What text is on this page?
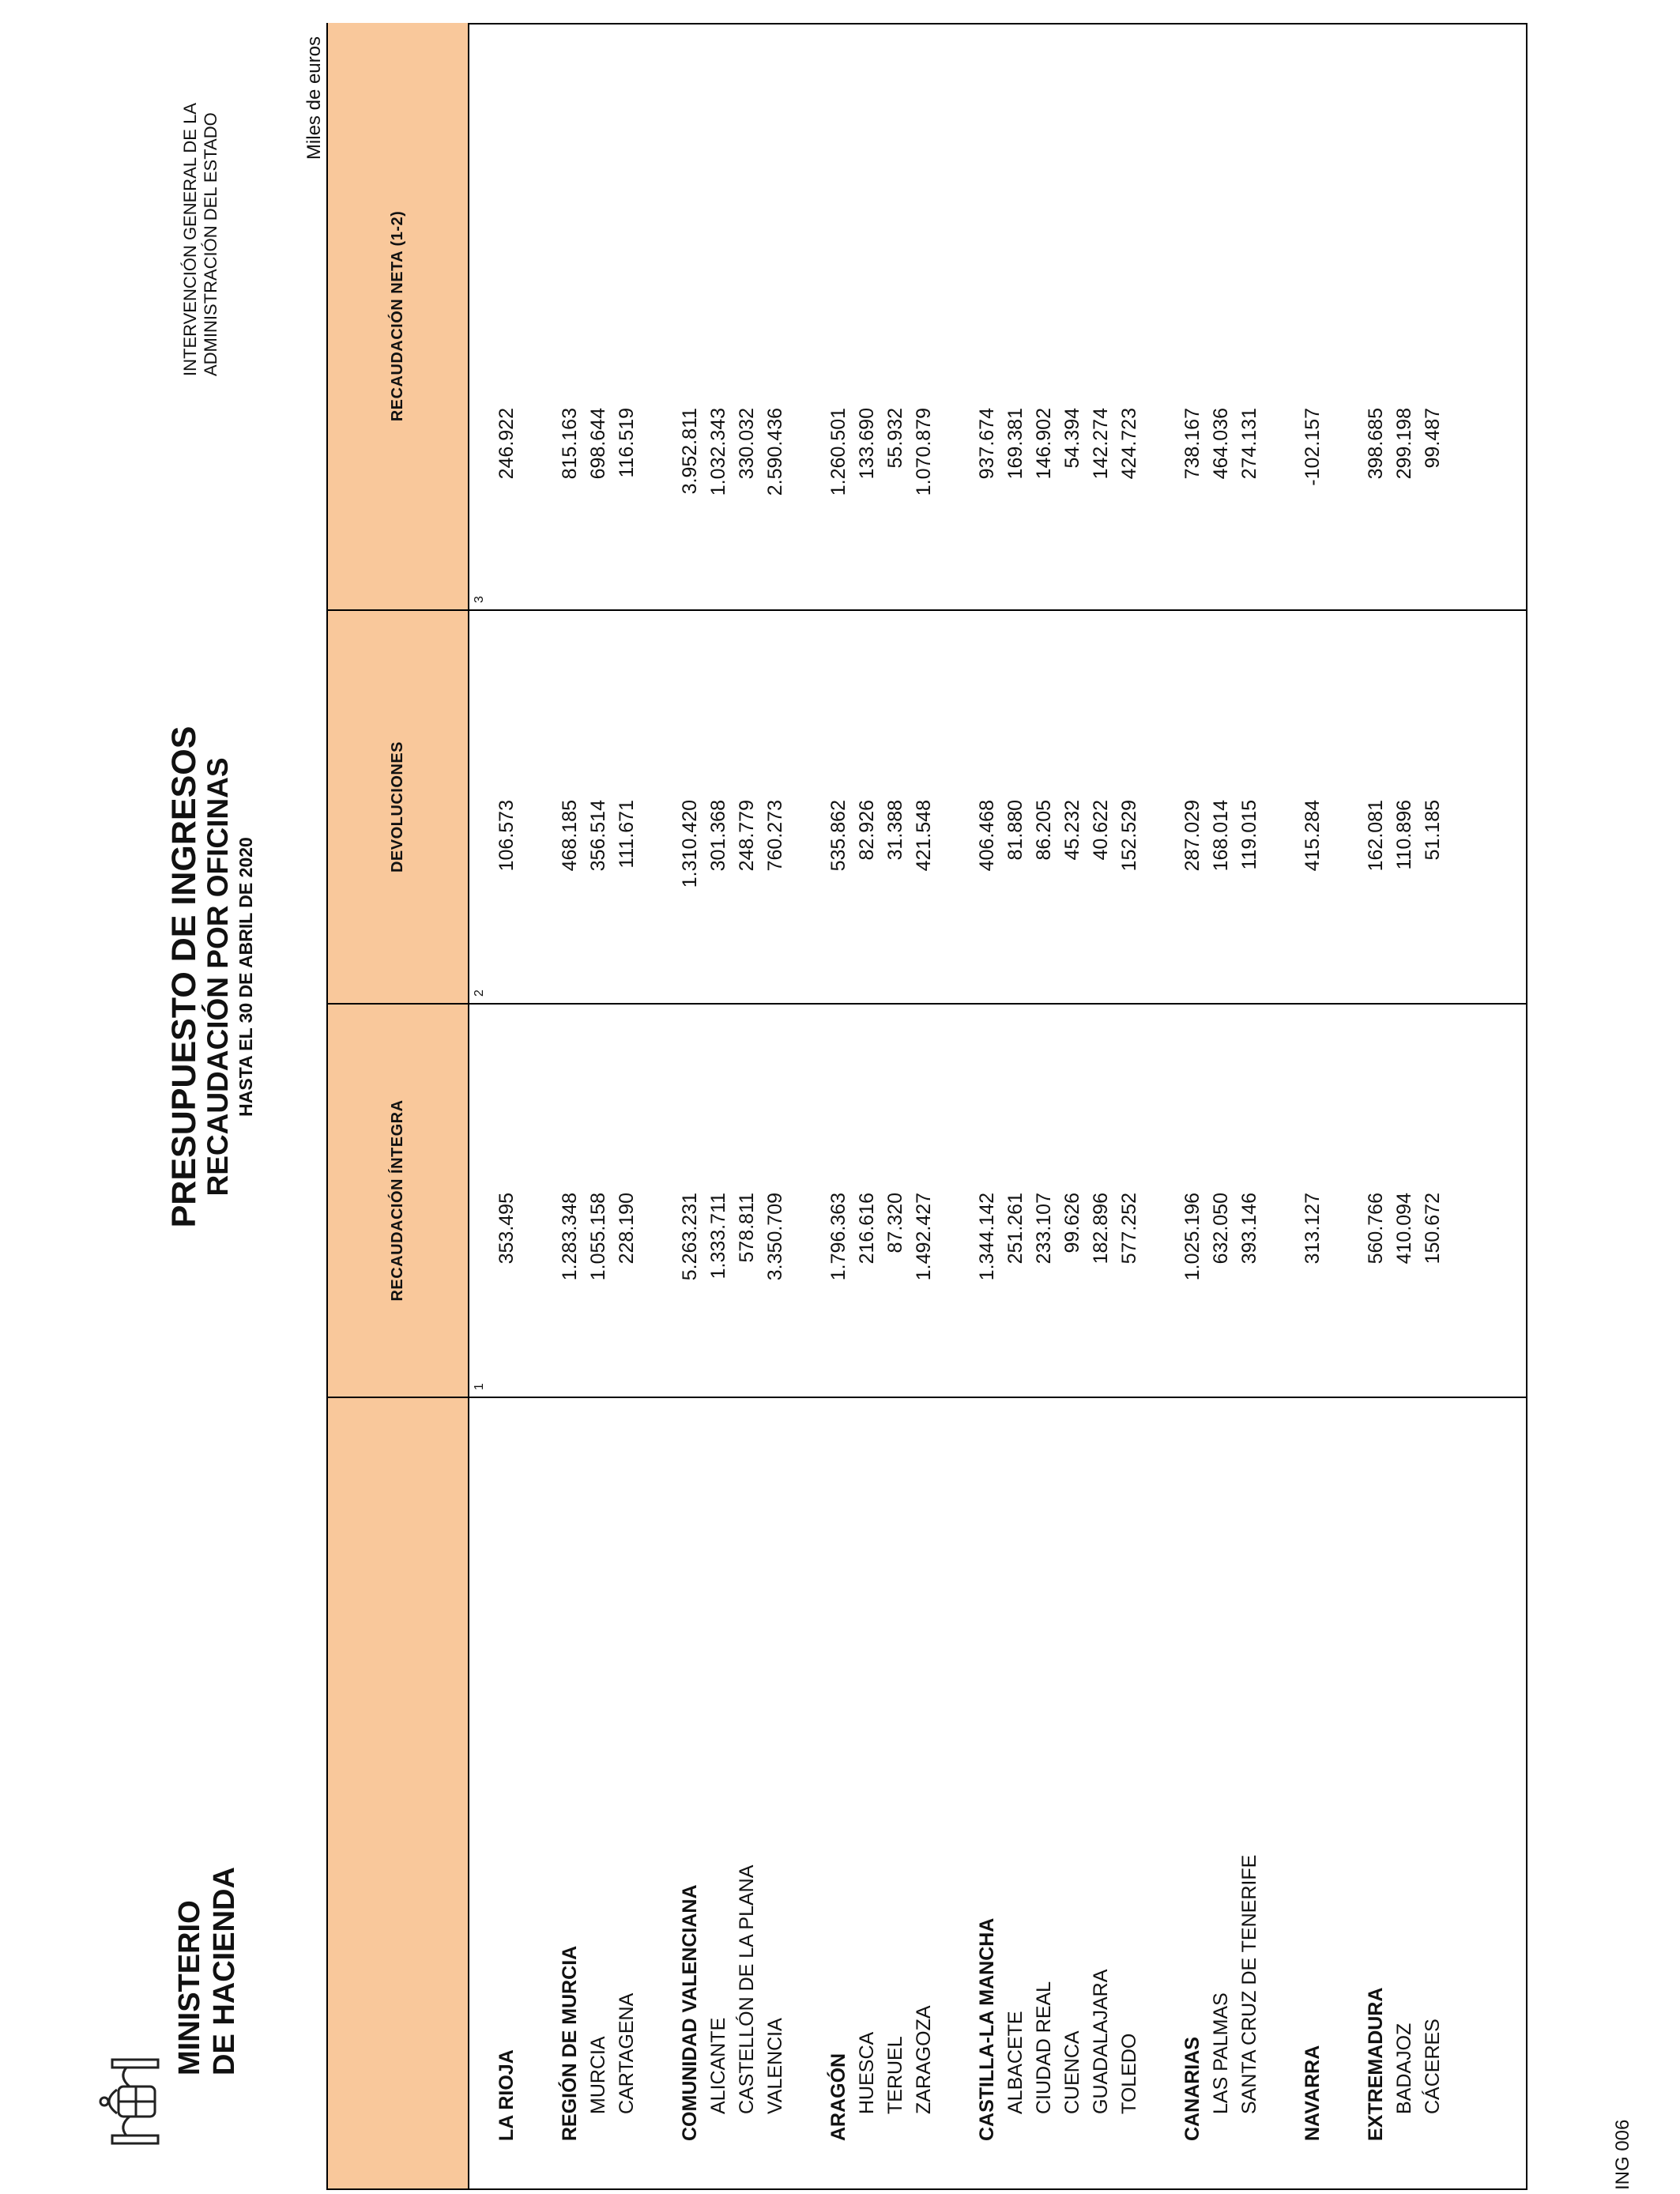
MINISTERIO DE HACIENDA
PRESUPUESTO DE INGRESOS
RECAUDACIÓN POR OFICINAS HASTA EL 30 DE ABRIL DE 2020
INTERVENCIÓN GENERAL DE LA ADMINISTRACIÓN DEL ESTADO
Miles de euros
RECAUDACIÓN ÍNTEGRA
DEVOLUCIONES
RECAUDACIÓN NETA (1-2)
1
2
3
LA RIOJA
353.495
106.573
246.922
REGIÓN DE MURCIA
1.283.348
468.185
815.163
MURCIA
1.055.158
356.514
698.644
CARTAGENA
228.190
111.671
116.519
COMUNIDAD VALENCIANA
5.263.231
1.310.420
3.952.811
ALICANTE
1.333.711
301.368
1.032.343
CASTELLÓN DE LA PLANA
578.811
248.779
330.032
VALENCIA
3.350.709
760.273
2.590.436
ARAGÓN
1.796.363
535.862
1.260.501
HUESCA
216.616
82.926
133.690
TERUEL
87.320
31.388
55.932
ZARAGOZA
1.492.427
421.548
1.070.879
CASTILLA-LA MANCHA
1.344.142
406.468
937.674
ALBACETE
251.261
81.880
169.381
CIUDAD REAL
233.107
86.205
146.902
CUENCA
99.626
45.232
54.394
GUADALAJARA
182.896
40.622
142.274
TOLEDO
577.252
152.529
424.723
CANARIAS
1.025.196
287.029
738.167
LAS PALMAS
632.050
168.014
464.036
SANTA CRUZ DE TENERIFE
393.146
119.015
274.131
NAVARRA
313.127
415.284
-102.157
EXTREMADURA
560.766
162.081
398.685
BADAJOZ
410.094
110.896
299.198
CÁCERES
150.672
51.185
99.487
ING 006
